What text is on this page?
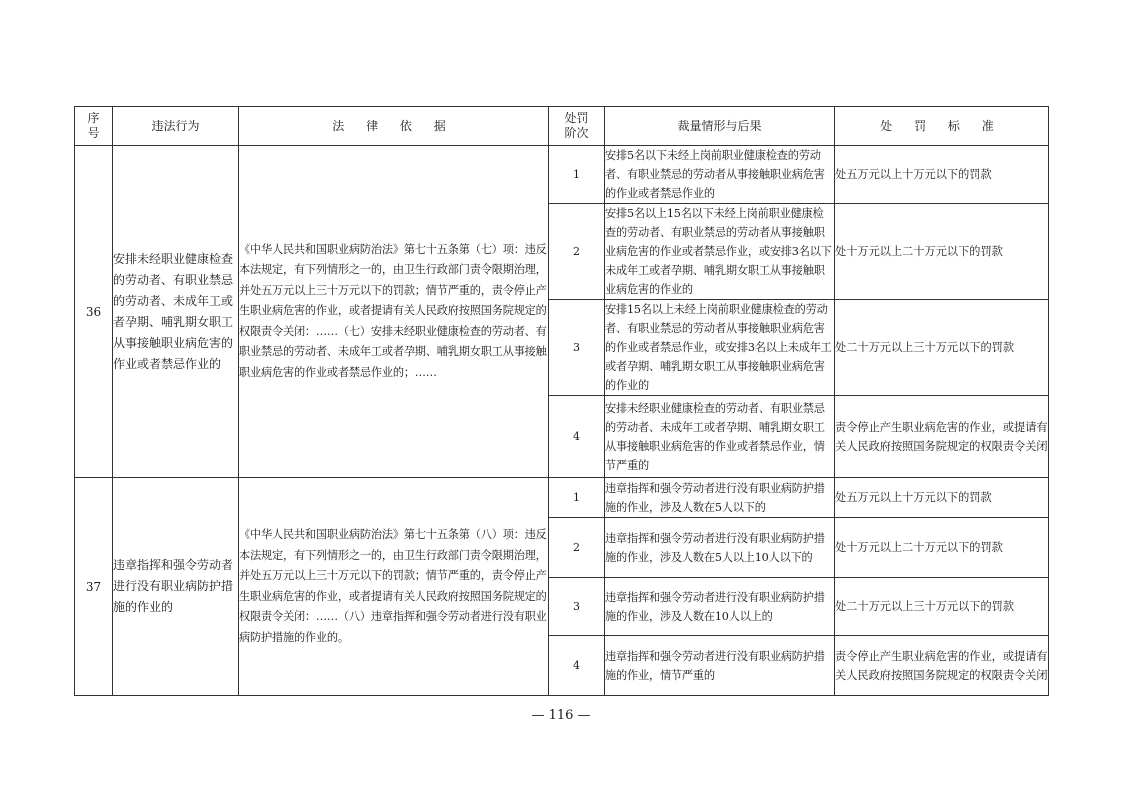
序号	违法行为	法 律 依 据	处罚阶次	裁量情形与后果	处 罚 标 准
36	安排未经职业健康检查的劳动者、有职业禁忌的劳动者、未成年工或者孕期、哺乳期女职工从事接触职业病危害的作业或者禁忌作业的	《中华人民共和国职业病防治法》第七十五条第（七）项：违反本法规定，有下列情形之一的，由卫生行政部门责令限期治理，并处五万元以上三十万元以下的罚款；情节严重的，责令停止产生职业病危害的作业，或者提请有关人民政府按照国务院规定的权限责令关闭：……（七）安排未经职业健康检查的劳动者、有职业禁忌的劳动者、未成年工或者孕期、哺乳期女职工从事接触职业病危害的作业或者禁忌作业的；……	1	安排5名以下未经上岗前职业健康检查的劳动者、有职业禁忌的劳动者从事接触职业病危害的作业或者禁忌作业的	处五万元以上十万元以下的罚款
			2	安排5名以上15名以下未经上岗前职业健康检查的劳动者、有职业禁忌的劳动者从事接触职业病危害的作业或者禁忌作业，或安排3名以下未成年工或者孕期、哺乳期女职工从事接触职业病危害的作业的	处十万元以上二十万元以下的罚款
			3	安排15名以上未经上岗前职业健康检查的劳动者、有职业禁忌的劳动者从事接触职业病危害的作业或者禁忌作业，或安排3名以上未成年工或者孕期、哺乳期女职工从事接触职业病危害的作业的	处二十万元以上三十万元以下的罚款
			4	安排未经职业健康检查的劳动者、有职业禁忌的劳动者、未成年工或者孕期、哺乳期女职工从事接触职业病危害的作业或者禁忌作业，情节严重的	责令停止产生职业病危害的作业，或提请有关人民政府按照国务院规定的权限责令关闭
37	违章指挥和强令劳动者进行没有职业病防护措施的作业的	《中华人民共和国职业病防治法》第七十五条第（八）项：违反本法规定，有下列情形之一的，由卫生行政部门责令限期治理，并处五万元以上三十万元以下的罚款；情节严重的，责令停止产生职业病危害的作业，或者提请有关人民政府按照国务院规定的权限责令关闭：……（八）违章指挥和强令劳动者进行没有职业病防护措施的作业的。	1	违章指挥和强令劳动者进行没有职业病防护措施的作业，涉及人数在5人以下的	处五万元以上十万元以下的罚款
			2	违章指挥和强令劳动者进行没有职业病防护措施的作业，涉及人数在5人以上10人以下的	处十万元以上二十万元以下的罚款
			3	违章指挥和强令劳动者进行没有职业病防护措施的作业，涉及人数在10人以上的	处二十万元以上三十万元以下的罚款
			4	违章指挥和强令劳动者进行没有职业病防护措施的作业，情节严重的	责令停止产生职业病危害的作业，或提请有关人民政府按照国务院规定的权限责令关闭
— 116 —
